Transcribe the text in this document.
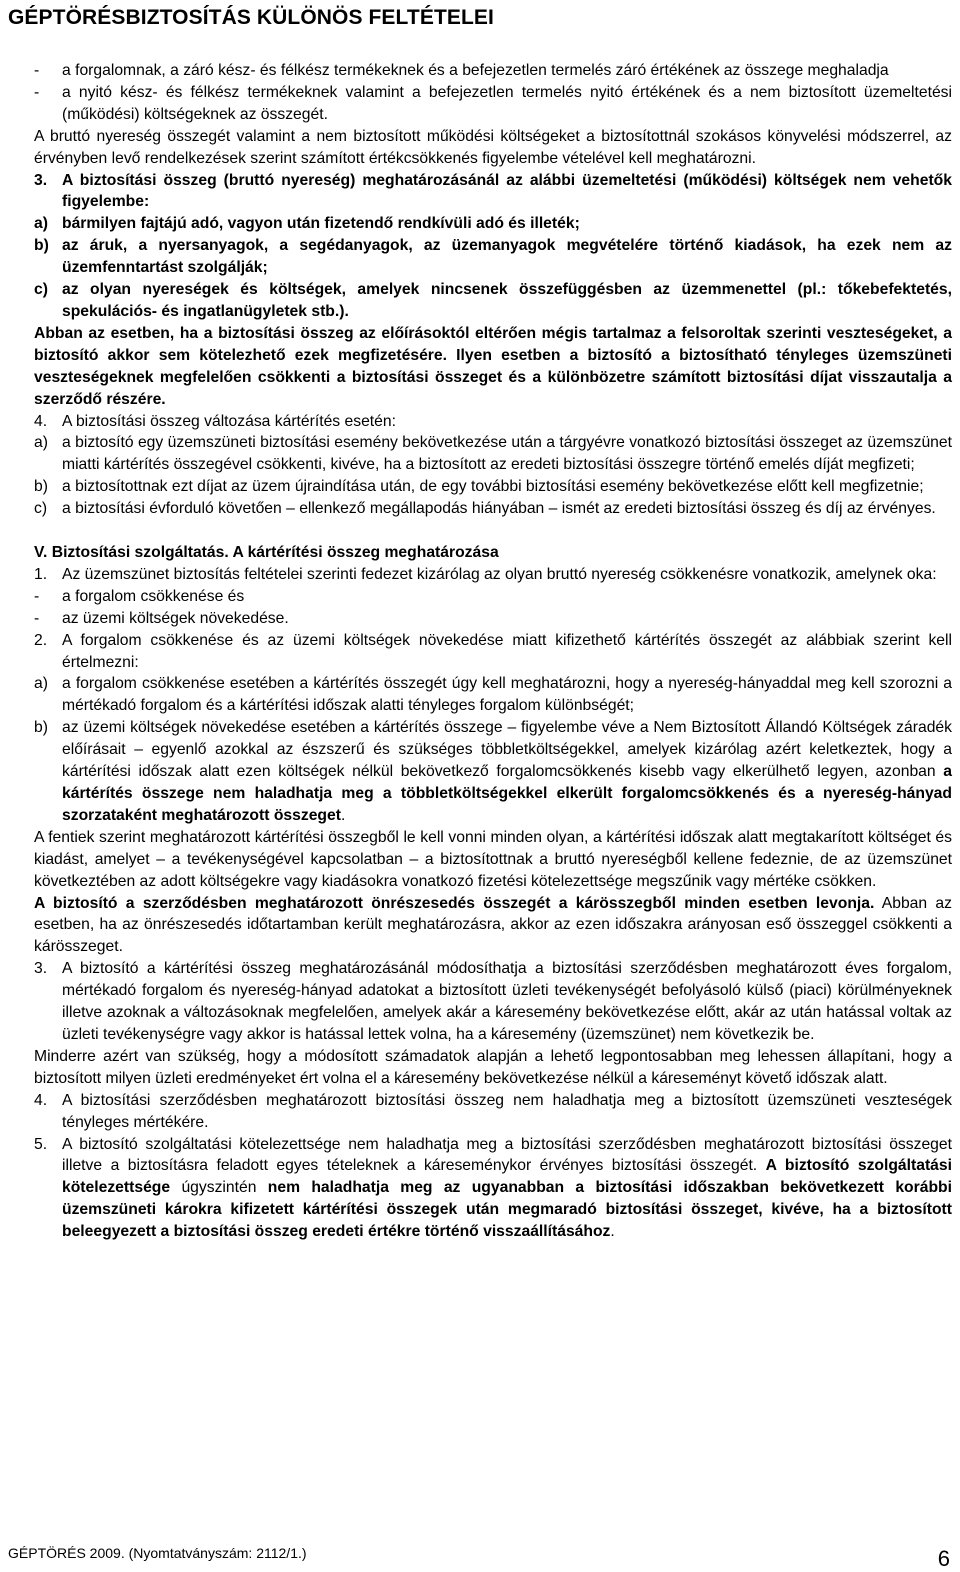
GÉPTÖRÉSBIZTOSÍTÁS KÜLÖNÖS FELTÉTELEI
-	a forgalomnak, a záró kész- és félkész termékeknek és a befejezetlen termelés záró értékének az összege meghaladja
-	a nyitó kész- és félkész termékeknek valamint a befejezetlen termelés nyitó értékének és a nem biztosított üzemeltetési (működési) költségeknek az összegét.
A bruttó nyereség összegét valamint a nem biztosított működési költségeket a biztosítottnál szokásos könyvelési módszerrel, az érvényben levő rendelkezések szerint számított értékcsökkenés figyelembe vételével kell meghatározni.
3. A biztosítási összeg (bruttó nyereség) meghatározásánál az alábbi üzemeltetési (működési) költségek nem vehetők figyelembe:
a) bármilyen fajtájú adó, vagyon után fizetendő rendkívüli adó és illeték;
b) az áruk, a nyersanyagok, a segédanyagok, az üzemanyagok megvételére történő kiadások, ha ezek nem az üzemfenntartást szolgálják;
c) az olyan nyereségek és költségek, amelyek nincsenek összefüggésben az üzemmenettel (pl.: tőkebefektetés, spekulációs- és ingatlanügyletek stb.).
Abban az esetben, ha a biztosítási összeg az előírásoktól eltérően mégis tartalmaz a felsoroltak szerinti veszteségeket, a biztosító akkor sem kötelezhető ezek megfizetésére. Ilyen esetben a biztosító a biztosítható tényleges üzemszüneti veszteségeknek megfelelően csökkenti a biztosítási összeget és a különbözetre számított biztosítási díjat visszautalja a szerződő részére.
4. A biztosítási összeg változása kártérítés esetén:
a) a biztosító egy üzemszüneti biztosítási esemény bekövetkezése után a tárgyévre vonatkozó biztosítási összeget az üzemszünet miatti kártérítés összegével csökkenti, kivéve, ha a biztosított az eredeti biztosítási összegre történő emelés díját megfizeti;
b) a biztosítottnak ezt díjat az üzem újraindítása után, de egy további biztosítási esemény bekövetkezése előtt kell megfizetnie;
c) a biztosítási évforduló követően – ellenkező megállapodás hiányában – ismét az eredeti biztosítási összeg és díj az érvényes.
V. Biztosítási szolgáltatás. A kártérítési összeg meghatározása
1. Az üzemszünet biztosítás feltételei szerinti fedezet kizárólag az olyan bruttó nyereség csökkenésre vonatkozik, amelynek oka:
-	a forgalom csökkenése és
-	az üzemi költségek növekedése.
2. A forgalom csökkenése és az üzemi költségek növekedése miatt kifizethető kártérítés összegét az alábbiak szerint kell értelmezni:
a) a forgalom csökkenése esetében a kártérítés összegét úgy kell meghatározni, hogy a nyereség-hányaddal meg kell szorozni a mértékadó forgalom és a kártérítési időszak alatti tényleges forgalom különbségét;
b) az üzemi költségek növekedése esetében a kártérítés összege – figyelembe véve a Nem Biztosított Állandó Költségek záradék előírásait – egyenlő azokkal az észszerű és szükséges többletköltségekkel, amelyek kizárólag azért keletkeztek, hogy a kártérítési időszak alatt ezen költségek nélkül bekövetkező forgalomcsökkenés kisebb vagy elkerülhető legyen, azonban a kártérítés összege nem haladhatja meg a többletköltségekkel elkerült forgalomcsökkenés és a nyereség-hányad szorzataként meghatározott összeget.
A fentiek szerint meghatározott kártérítési összegből le kell vonni minden olyan, a kártérítési időszak alatt megtakarított költséget és kiadást, amelyet – a tevékenységével kapcsolatban – a biztosítottnak a bruttó nyereségből kellene fedeznie, de az üzemszünet következtében az adott költségekre vagy kiadásokra vonatkozó fizetési kötelezettsége megszűnik vagy mértéke csökken.
A biztosító a szerződésben meghatározott önrészesedés összegét a kárösszegből minden esetben levonja. Abban az esetben, ha az önrészesedés időtartamban került meghatározásra, akkor az ezen időszakra arányosan eső összeggel csökkenti a kárösszeget.
3. A biztosító a kártérítési összeg meghatározásánál módosíthatja a biztosítási szerződésben meghatározott éves forgalom, mértékadó forgalom és nyereség-hányad adatokat a biztosított üzleti tevékenységét befolyásoló külső (piaci) körülményeknek illetve azoknak a változásoknak megfelelően, amelyek akár a káresemény bekövetkezése előtt, akár az után hatással voltak az üzleti tevékenységre vagy akkor is hatással lettek volna, ha a káresemény (üzemszünet) nem következik be.
Minderre azért van szükség, hogy a módosított számadatok alapján a lehető legpontosabban meg lehessen állapítani, hogy a biztosított milyen üzleti eredményeket ért volna el a káresemény bekövetkezése nélkül a káreseményt követő időszak alatt.
4. A biztosítási szerződésben meghatározott biztosítási összeg nem haladhatja meg a biztosított üzemszüneti veszteségek tényleges mértékére.
5. A biztosító szolgáltatási kötelezettsége nem haladhatja meg a biztosítási szerződésben meghatározott biztosítási összeget illetve a biztosításra feladott egyes tételeknek a káreseménykor érvényes biztosítási összegét. A biztosító szolgáltatási kötelezettsége úgyszintén nem haladhatja meg az ugyanabban a biztosítási időszakban bekövetkezett korábbi üzemszüneti károkra kifizetett kártérítési összegek után megmaradó biztosítási összeget, kivéve, ha a biztosított beleegyezett a biztosítási összeg eredeti értékre történő visszaállításához.
GÉPTÖRÉS 2009. (Nyomtatványszám: 2112/1.)	6
